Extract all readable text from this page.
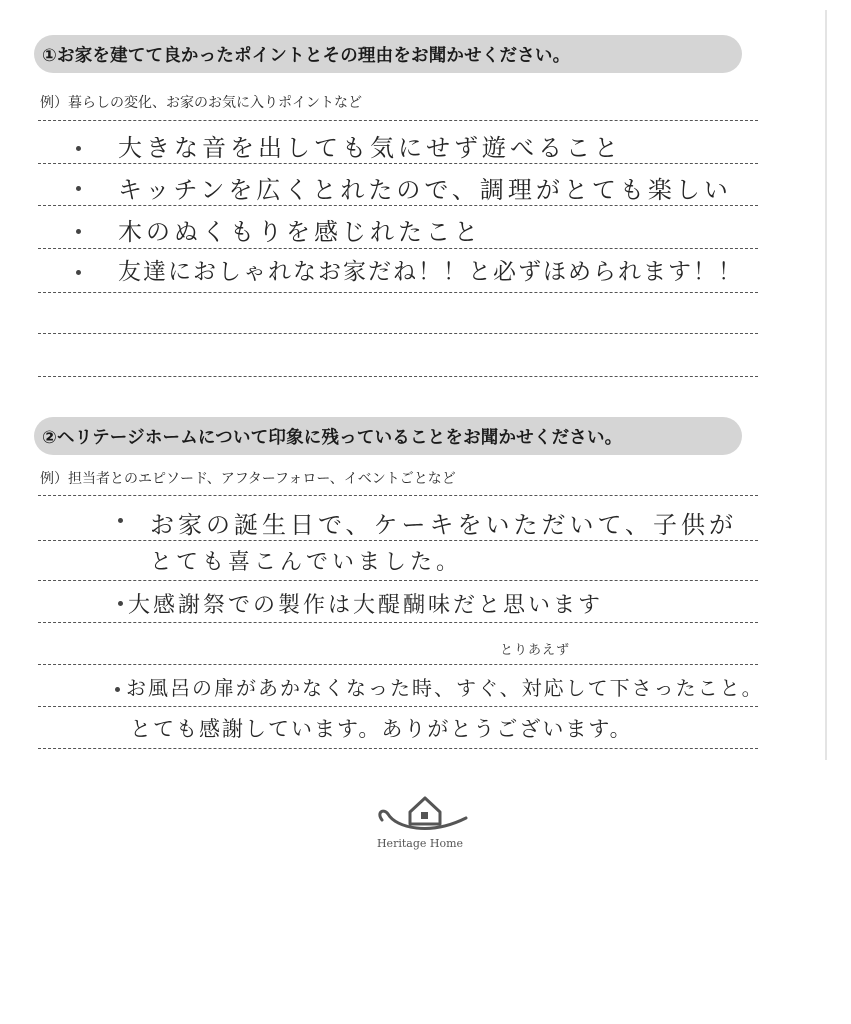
①お家を建てて良かったポイントとその理由をお聞かせください。
例）暮らしの変化、お家のお気に入りポイントなど
大きな音を出しても気にせず遊べること
キッチンを広くとれたので、調理がとても楽しい
木のぬくもりを感じれたこと
友達におしゃれなお家だね！！と必ずほめられます！！
②ヘリテージホームについて印象に残っていることをお聞かせください。
例）担当者とのエピソード、アフターフォロー、イベントごとなど
お家の誕生日で、ケーキをいただいて、子供が
とても喜こんでいました。
大感謝祭での製作は大醍醐味だと思います
とりあえず
お風呂の扉があかなくなった時、すぐ、対応して下さったこと。
とても感謝しています。ありがとうございます。
Heritage Home
